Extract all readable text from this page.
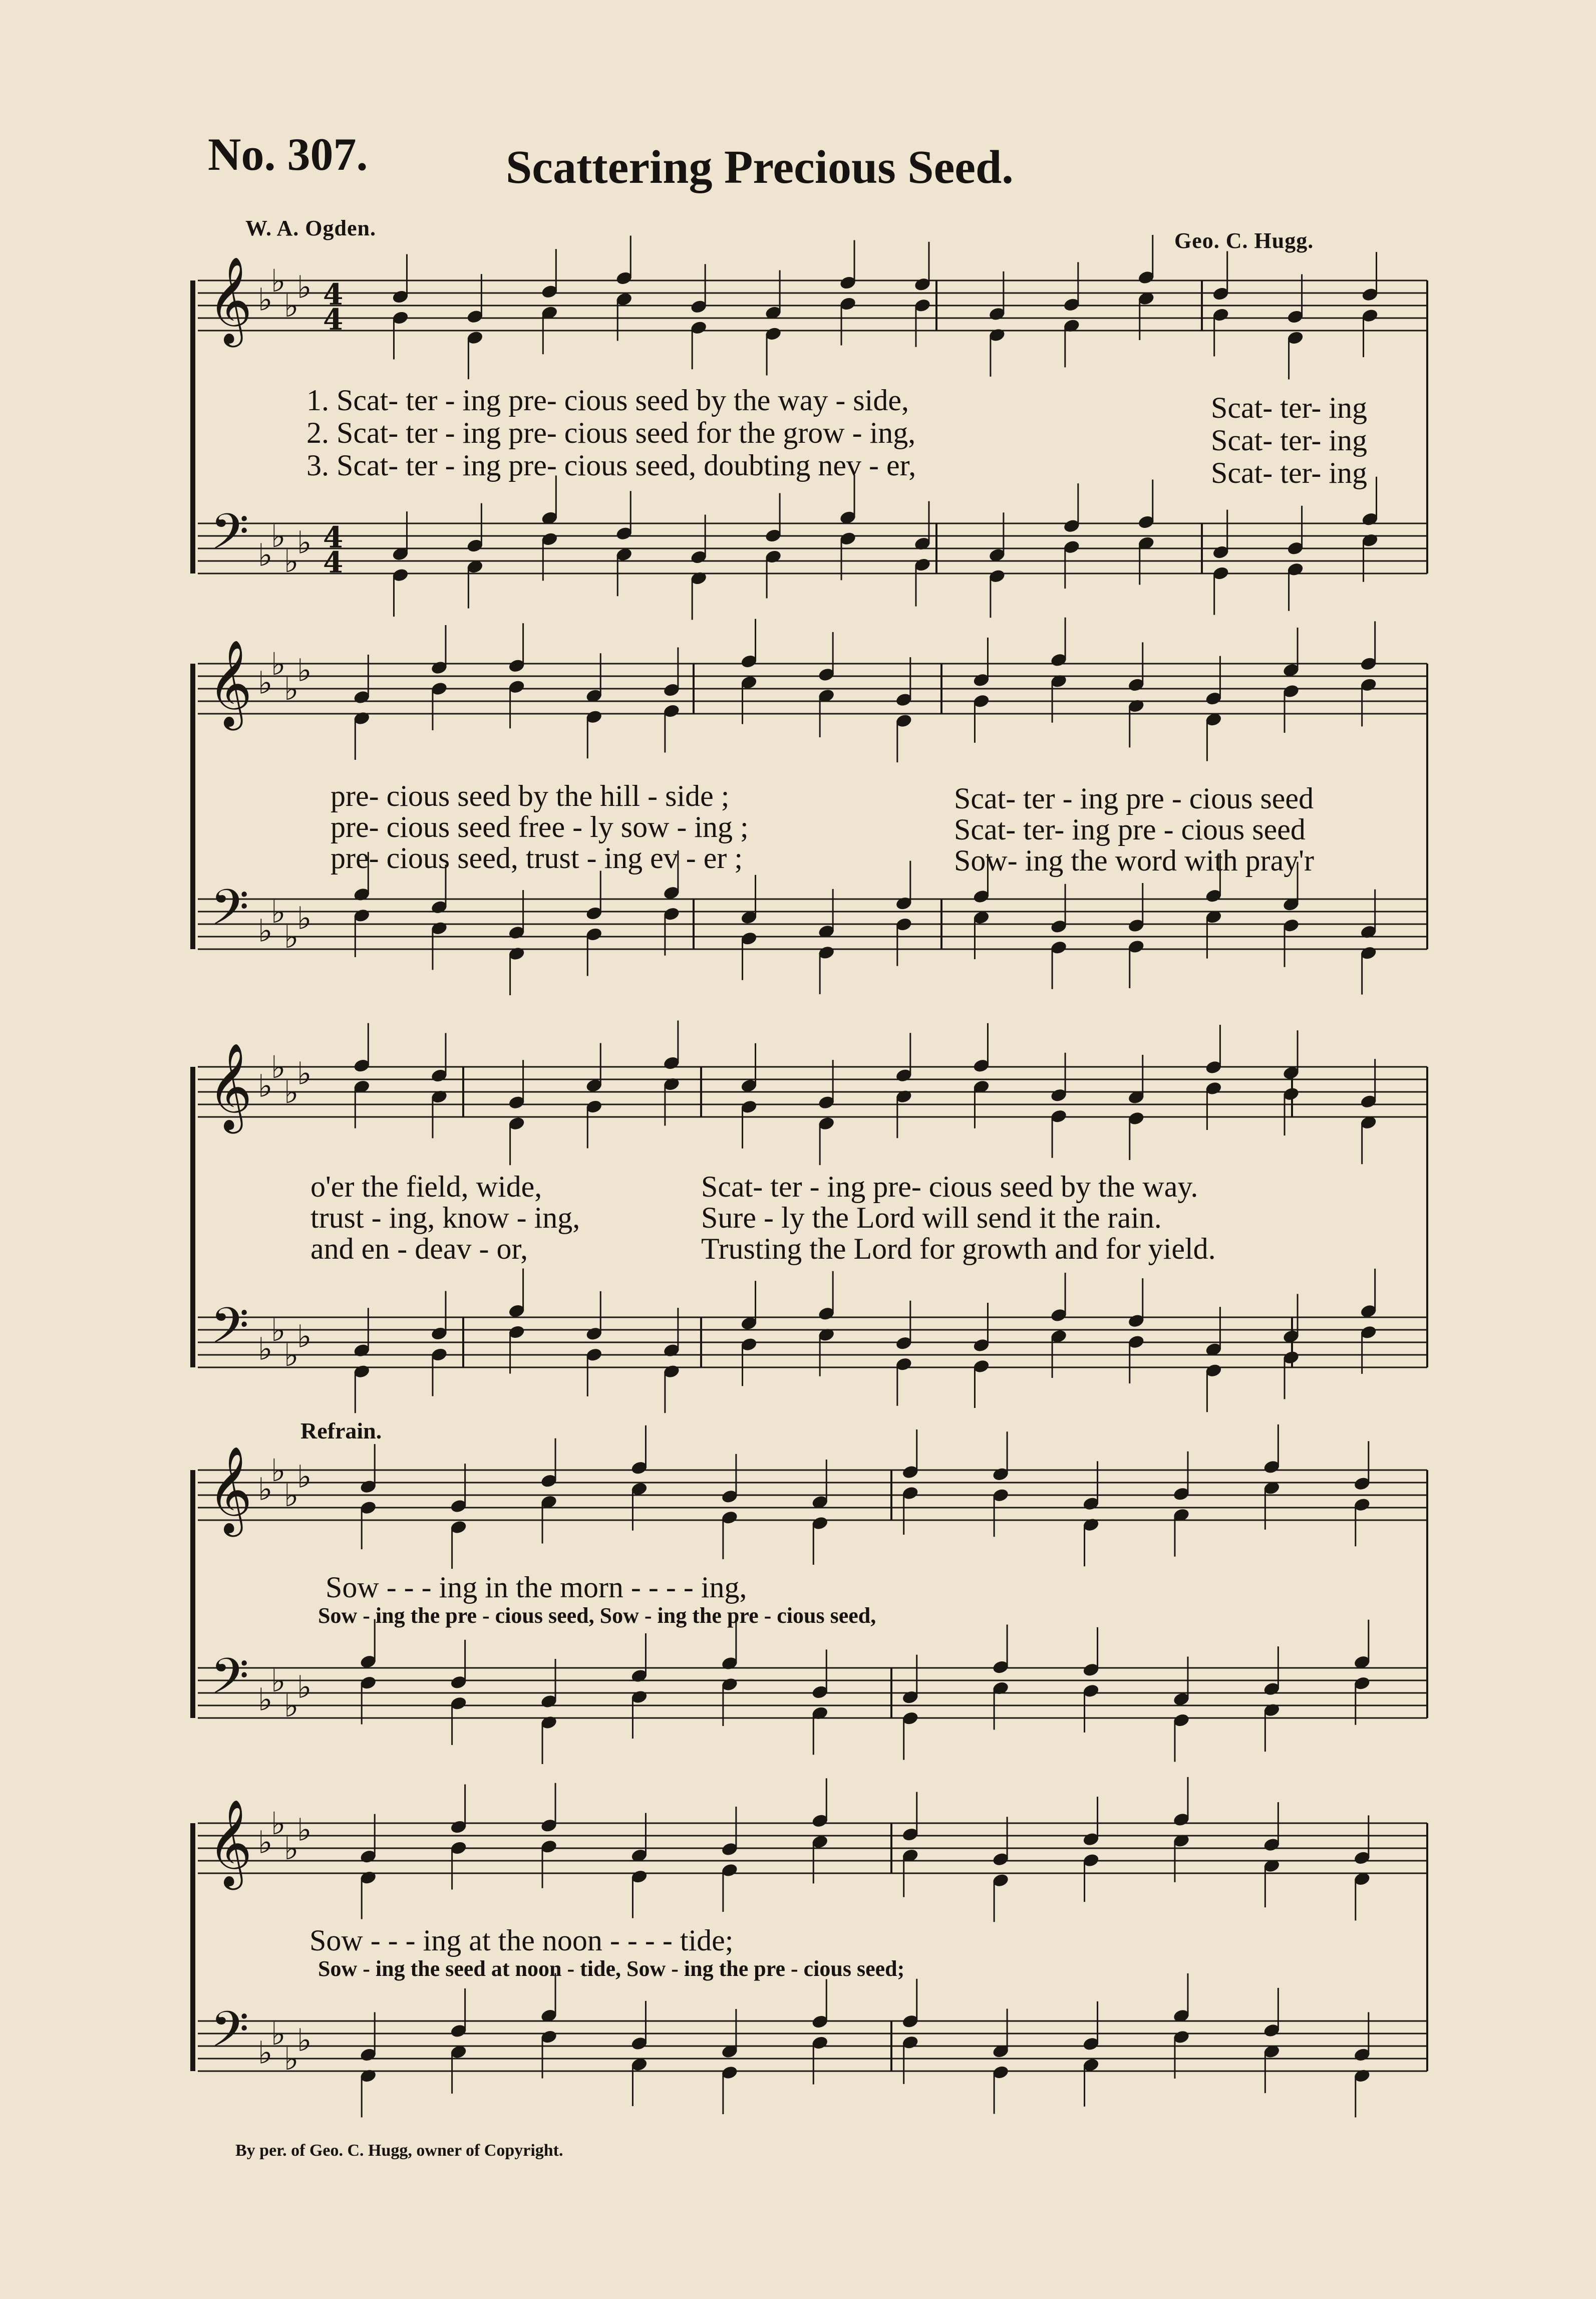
No. 307.	Scattering Precious Seed.
W. A. Ogden.
Geo. C. Hugg.
𝄞
𝄢
♭
♭
♭
♭
♭
♭
♭
♭
4
4
4
4
𝄞
𝄢
♭
♭
♭
♭
♭
♭
♭
♭
𝄞
𝄢
♭
♭
♭
♭
♭
♭
♭
♭
𝄞
𝄢
♭
♭
♭
♭
♭
♭
♭
♭
𝄞
𝄢
♭
♭
♭
♭
♭
♭
♭
♭
1. Scat- ter - ing pre- cious seed by the way - side,	Scat- ter- ing
2. Scat- ter - ing pre- cious seed for the grow - ing,	Scat- ter- ing
3. Scat- ter - ing pre- cious seed, doubting nev - er,	Scat- ter- ing
pre- cious seed by the hill - side ;	Scat- ter - ing pre - cious seed
pre- cious seed free - ly sow - ing ;	Scat- ter- ing pre - cious seed
pre- cious seed, trust - ing ev - er ;	Sow- ing the word with pray'r
o'er the field, wide,	Scat- ter - ing pre- cious seed by the way.
trust - ing, know - ing,	Sure - ly the Lord will send it the rain.
and en - deav - or,	Trusting the Lord for growth and for yield.
Refrain.
Sow - - - ing in the morn - - - - ing,
Sow - ing the pre - cious seed, Sow - ing the pre - cious seed,
Sow - - - ing at the noon - - - - tide;
Sow - ing the seed at noon - tide, Sow - ing the pre - cious seed;
By per. of Geo. C. Hugg, owner of Copyright.
